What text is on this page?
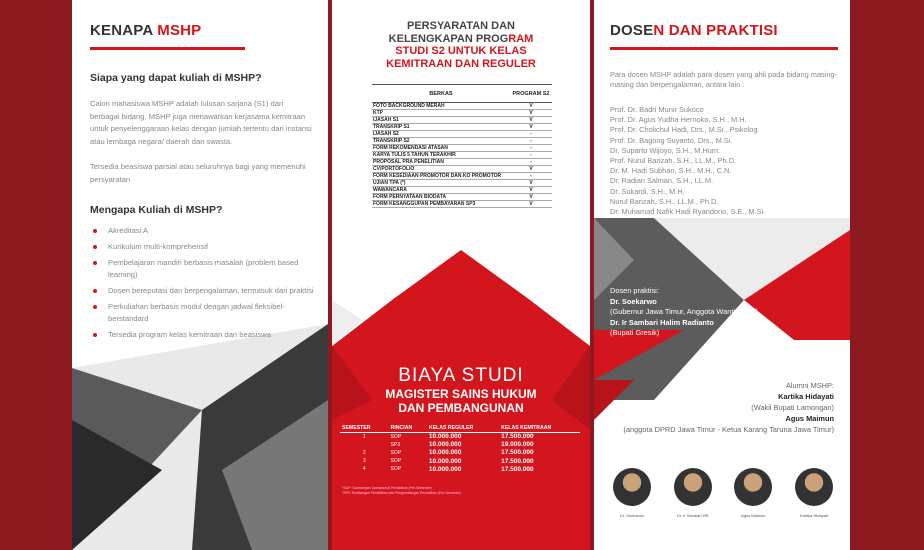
KENAPA MSHP
Siapa yang dapat kuliah di MSHP?
Calon mahasiswa MSHP adalah lulusan sarjana (S1) dari berbagai bidang. MSHP juga menawarkan kerjasama kemitraan untuk penyelenggaraan kelas dengan jumlah tertentu dari instansi atau lembaga negara/ daerah dan swasta.
Tersedia beasiswa parsial atau seluruhnya bagi yang memenuhi persyaratan
Mengapa Kuliah di MSHP?
Akreditasi A
Kurikulum multi-komprehensif
Pembelajaran mandiri berbasis masalah (problem based learning)
Dosen bereputasi dan berpengalaman, termasuk dari praktisi
Perkuliahan berbasis modul dengan jadwal fleksibel-berstandard
Tersedia program kelas kemitraan dan beasiswa
PERSYARATAN DAN
KELENGKAPAN PROGRAM
STUDI S2 UNTUK KELAS
KEMITRAAN DAN REGULER
BERKAS	PROGRAM S2
FOTO BACKGROUND MERAH	V
KTP	V
IJASAH S1	V
TRANSKRIP S1	V
IJASAH S2	-
TRANSKRIP S2	-
FORM REKOMENDASI ATASAN	-
KARYA TULIS 5 TAHUN TERAKHIR	-
PROPOSAL PRA PENELITIAN	-
CV/PORTOFOLIO	V
FORM KESEDIAAN PROMOTOR DAN KO PROMOTOR	-
UJIAN TPA (*)	V
WAWANCARA	V
FORM PERNYATAAN BIODATA	V
FORM KESANGGUPAN PEMBAYARAN SP3	V
BIAYA STUDI
MAGISTER SAINS HUKUM
DAN PEMBANGUNAN
SEMESTER	RINCIAN	KELAS REGULER	KELAS KEMITRAAN
1	SOP	10.000.000	17.500.000
	SP3	10.000.000	19.000.000
2	SOP	10.000.000	17.500.000
3	SOP	10.000.000	17.500.000
4	SOP	10.000.000	17.500.000
*SOP: Sumbangan Operasional Pendidikan (Per-Semester)
*SP3: Sumbangan Pendidikan dan Pengembangan Pendidikan (Per-Semester)
DOSEN DAN PRAKTISI
Para dosen MSHP adalah para dosen yang ahli pada bidang masing-masing dan berpengalaman, antara lain :
Prof. Dr. Badri Munir Sukoco
Prof. Dr. Agus Yudha Hernoko, S.H., M.H.
Prof. Dr. Cholichul Hadi, Drs., M.Si., Psikolog
Prof. Dr. Bagong Suyanto, Drs., M.Si.
Dr. Suparto Wijoyo, S.H., M.Hum.
Prof. Nurul Barizah, S.H., LL.M., Ph.D.
Dr. M. Hadi Subhan, S.H., M.H., C.N.
Dr. Radian Salman, S.H., LL.M.
Dr. Sukardi, S.H., M.H.
Nurul Barizah, S.H., LL.M., Ph.D.
Dr. Muhamad Nafik Hadi Ryandono, S.E., M.Si.
Dosen praktisi:
Dr. Soekarwo
(Gubernur Jawa Timur, Anggota Wantimpres)
Dr. Ir Sambari Halim Radianto
(Bupati Gresik)
Alumni MSHP:
Kartika Hidayati
(Wakil Bupati Lamongan)
Agus Maimun
(anggota DPRD Jawa Timur - Ketua Karang Taruna Jawa Timur)
Dr. Soekarwo	Dr. Ir Sambari HR	Agus Maimun	Kartika Hidayati
